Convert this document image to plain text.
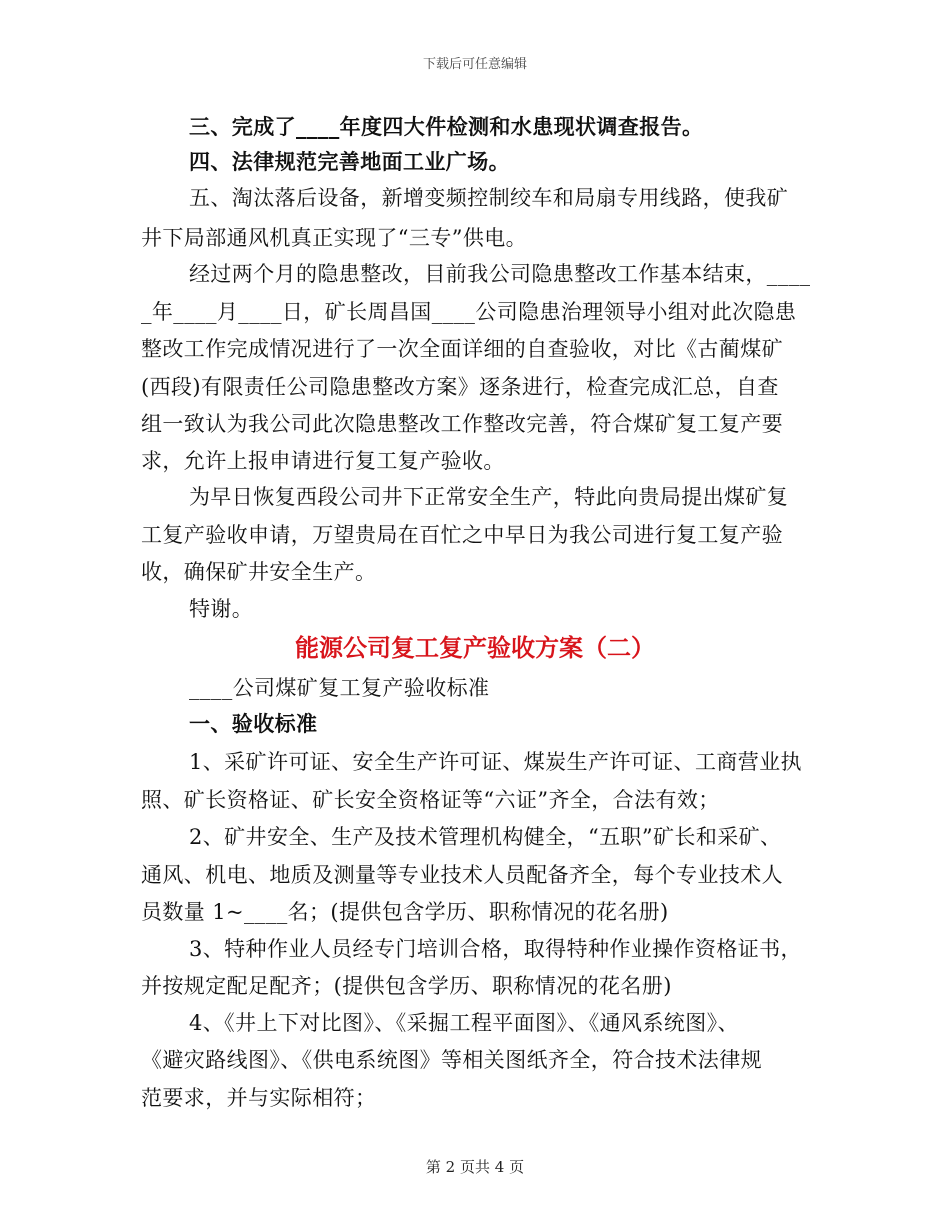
下载后可任意编辑
三、完成了____年度四大件检测和水患现状调查报告。
四、法律规范完善地面工业广场。
五、淘汰落后设备，新增变频控制绞车和局扇专用线路，使我矿
井下局部通风机真正实现了“三专”供电。
经过两个月的隐患整改，目前我公司隐患整改工作基本结束，____
_年____月____日，矿长周昌国____公司隐患治理领导小组对此次隐患
整改工作完成情况进行了一次全面详细的自查验收，对比《古蔺煤矿
(西段)有限责任公司隐患整改方案》逐条进行，检查完成汇总，自查
组一致认为我公司此次隐患整改工作整改完善，符合煤矿复工复产要
求，允许上报申请进行复工复产验收。
为早日恢复西段公司井下正常安全生产，特此向贵局提出煤矿复
工复产验收申请，万望贵局在百忙之中早日为我公司进行复工复产验
收，确保矿井安全生产。
特谢。
能源公司复工复产验收方案（二）
____公司煤矿复工复产验收标准
一、验收标准
1、采矿许可证、安全生产许可证、煤炭生产许可证、工商营业执
照、矿长资格证、矿长安全资格证等“六证”齐全，合法有效；
2、矿井安全、生产及技术管理机构健全，“五职”矿长和采矿、
通风、机电、地质及测量等专业技术人员配备齐全，每个专业技术人
员数量 1~____名；(提供包含学历、职称情况的花名册)
3、特种作业人员经专门培训合格，取得特种作业操作资格证书，
并按规定配足配齐；(提供包含学历、职称情况的花名册)
4、《井上下对比图》、《采掘工程平面图》、《通风系统图》、
《避灾路线图》、《供电系统图》等相关图纸齐全，符合技术法律规
范要求，并与实际相符；
第 2 页共 4 页
